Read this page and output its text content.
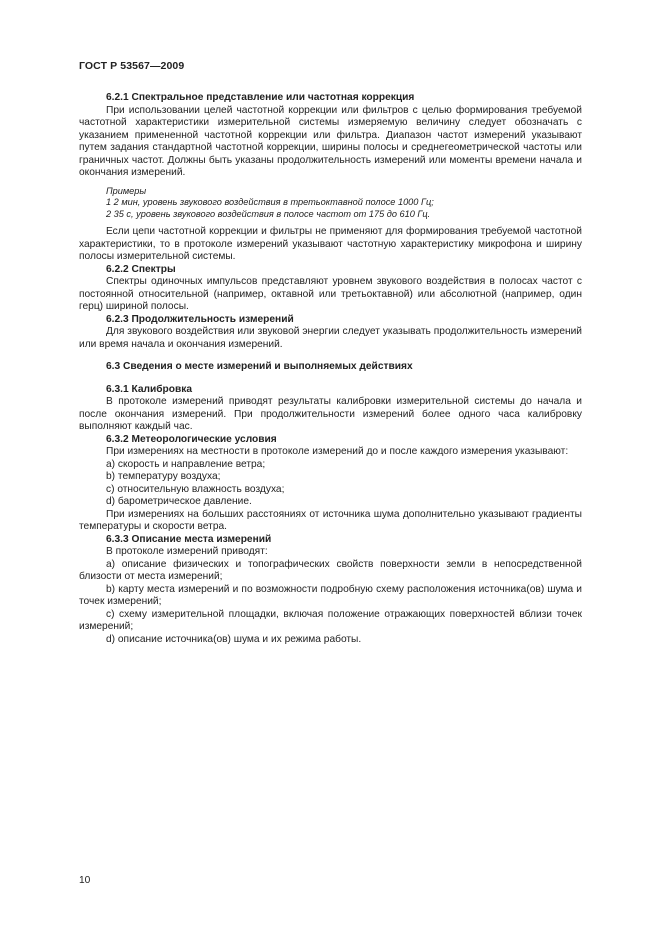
ГОСТ Р 53567—2009

6.2.1 Спектральное представление или частотная коррекция

При использовании целей частотной коррекции или фильтров с целью формирования требуемой частотной характеристики измерительной системы измеряемую величину следует обозначать с указанием примененной частотной коррекции или фильтра. Диапазон частот измерений указывают путем задания стандартной частотной коррекции, ширины полосы и среднегеометрической частоты или граничных частот. Должны быть указаны продолжительность измерений или моменты времени начала и окончания измерений.

Примеры

1 2 мин, уровень звукового воздействия в третьоктавной полосе 1000 Гц;

2 35 с, уровень звукового воздействия в полосе частот от 175 до 610 Гц.

Если цепи частотной коррекции и фильтры не применяют для формирования требуемой частотной характеристики, то в протоколе измерений указывают частотную характеристику микрофона и ширину полосы измерительной системы.

6.2.2 Спектры

Спектры одиночных импульсов представляют уровнем звукового воздействия в полосах частот с постоянной относительной (например, октавной или третьоктавной) или абсолютной (например, один герц) шириной полосы.

6.2.3 Продолжительность измерений

Для звукового воздействия или звуковой энергии следует указывать продолжительность измерений или время начала и окончания измерений.

6.3 Сведения о месте измерений и выполняемых действиях

6.3.1 Калибровка

В протоколе измерений приводят результаты калибровки измерительной системы до начала и после окончания измерений. При продолжительности измерений более одного часа калибровку выполняют каждый час.

6.3.2 Метеорологические условия

При измерениях на местности в протоколе измерений до и после каждого измерения указывают:

a) скорость и направление ветра;

b) температуру воздуха;

c) относительную влажность воздуха;

d) барометрическое давление.

При измерениях на больших расстояниях от источника шума дополнительно указывают градиенты температуры и скорости ветра.

6.3.3 Описание места измерений

В протоколе измерений приводят:

a) описание физических и топографических свойств поверхности земли в непосредственной близости от места измерений;

b) карту места измерений и по возможности подробную схему расположения источника(ов) шума и точек измерений;

c) схему измерительной площадки, включая положение отражающих поверхностей вблизи точек измерений;

d) описание источника(ов) шума и их режима работы.

10
